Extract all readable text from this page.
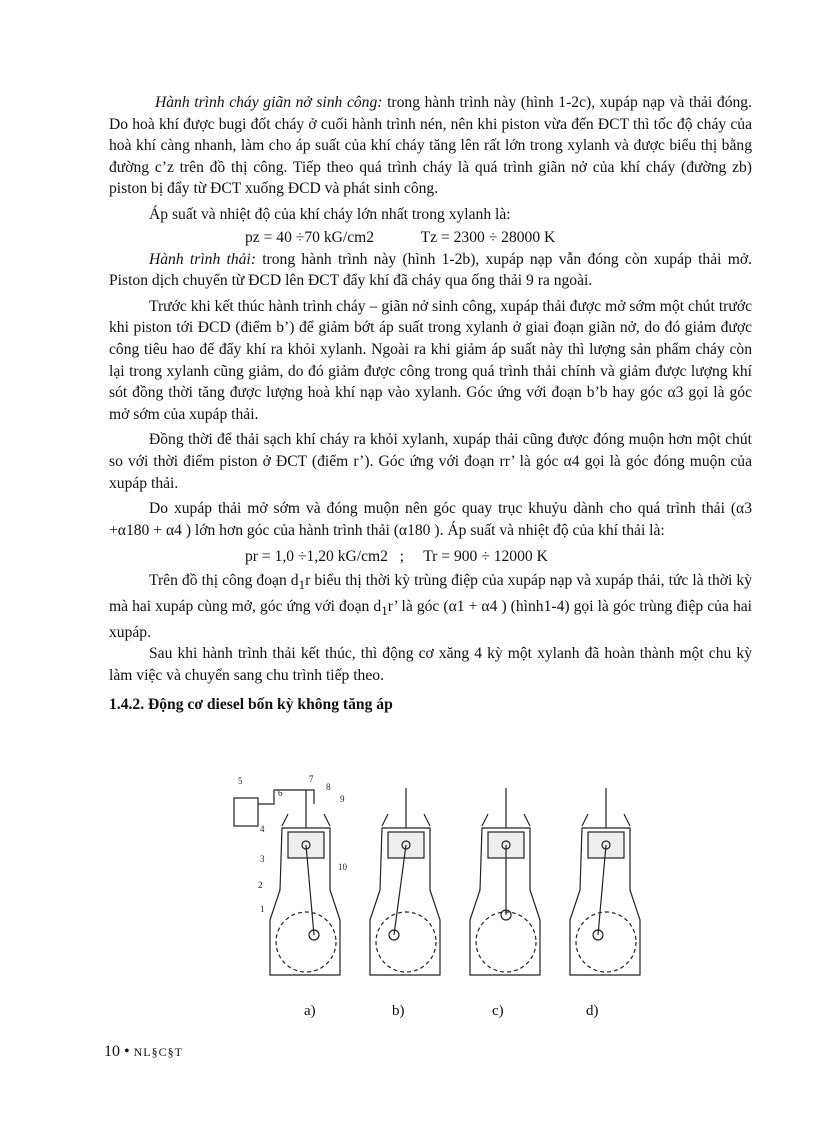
Hành trình cháy giãn nở sinh công: trong hành trình này (hình 1-2c), xupáp nạp và thải đóng. Do hoà khí được bugi đốt cháy ở cuối hành trình nén, nên khi piston vừa đến ĐCT thì tốc độ cháy của hoà khí càng nhanh, làm cho áp suất của khí cháy tăng lên rất lớn trong xylanh và được biểu thị bằng đường c’z trên đồ thị công. Tiếp theo quá trình cháy là quá trình giãn nở của khí cháy (đường zb) piston bị đẩy từ ĐCT xuống ĐCD và phát sinh công.

Áp suất và nhiệt độ của khí cháy lớn nhất trong xylanh là:

pz = 40 ÷70 kG/cm2            Tz = 2300 ÷ 28000 K

Hành trình thải: trong hành trình này (hình 1-2b), xupáp nạp vẫn đóng còn xupáp thải mở. Piston dịch chuyển từ ĐCD lên ĐCT đẩy khí đã cháy qua ống thải 9 ra ngoài.

Trước khi kết thúc hành trình cháy – giãn nở sinh công, xupáp thải được mở sớm một chút trước khi piston tới ĐCD (điểm b’) để giảm bớt áp suất trong xylanh ở giai đoạn giãn nở, do đó giảm được công tiêu hao để đẩy khí ra khỏi xylanh. Ngoài ra khi giảm áp suất này thì lượng sản phẩm cháy còn lại trong xylanh cũng giảm, do đó giảm được công trong quá trình thải chính và giảm được lượng khí sót đồng thời tăng được lượng hoà khí nạp vào xylanh. Góc ứng với đoạn b’b hay góc α3 gọi là góc mở sớm của xupáp thải.

Đồng thời để thải sạch khí cháy ra khỏi xylanh, xupáp thải cũng được đóng muộn hơn một chút so với thời điểm piston ở ĐCT (điểm r’). Góc ứng với đoạn rr’ là góc α4 gọi là góc đóng muộn của xupáp thải.

Do xupáp thải mở sớm và đóng muộn nên góc quay trục khuỷu dành cho quá trình thải (α3 +α180 + α4 ) lớn hơn góc của hành trình thải (α180 ). Áp suất và nhiệt độ của khí thải là:

pr = 1,0 ÷1,20 kG/cm2   ;     Tr = 900 ÷ 12000 K

Trên đồ thị công đoạn $d_1r$ biểu thị thời kỳ trùng điệp của xupáp nạp và xupáp thải, tức là thời kỳ mà hai xupáp cùng mở, góc ứng với đoạn $d_1r$’ là góc (α1 + α4 ) (hình1-4) gọi là góc trùng điệp của hai xupáp.

Sau khi hành trình thải kết thúc, thì động cơ xăng 4 kỳ một xylanh đã hoàn thành một chu kỳ làm việc và chuyển sang chu trình tiếp theo.

1.4.2. Động cơ diesel bốn kỳ không tăng áp
5	7
8
9
6
4
3
2
1
10
a)	b)	c)	d)
10 • NL§C§T
